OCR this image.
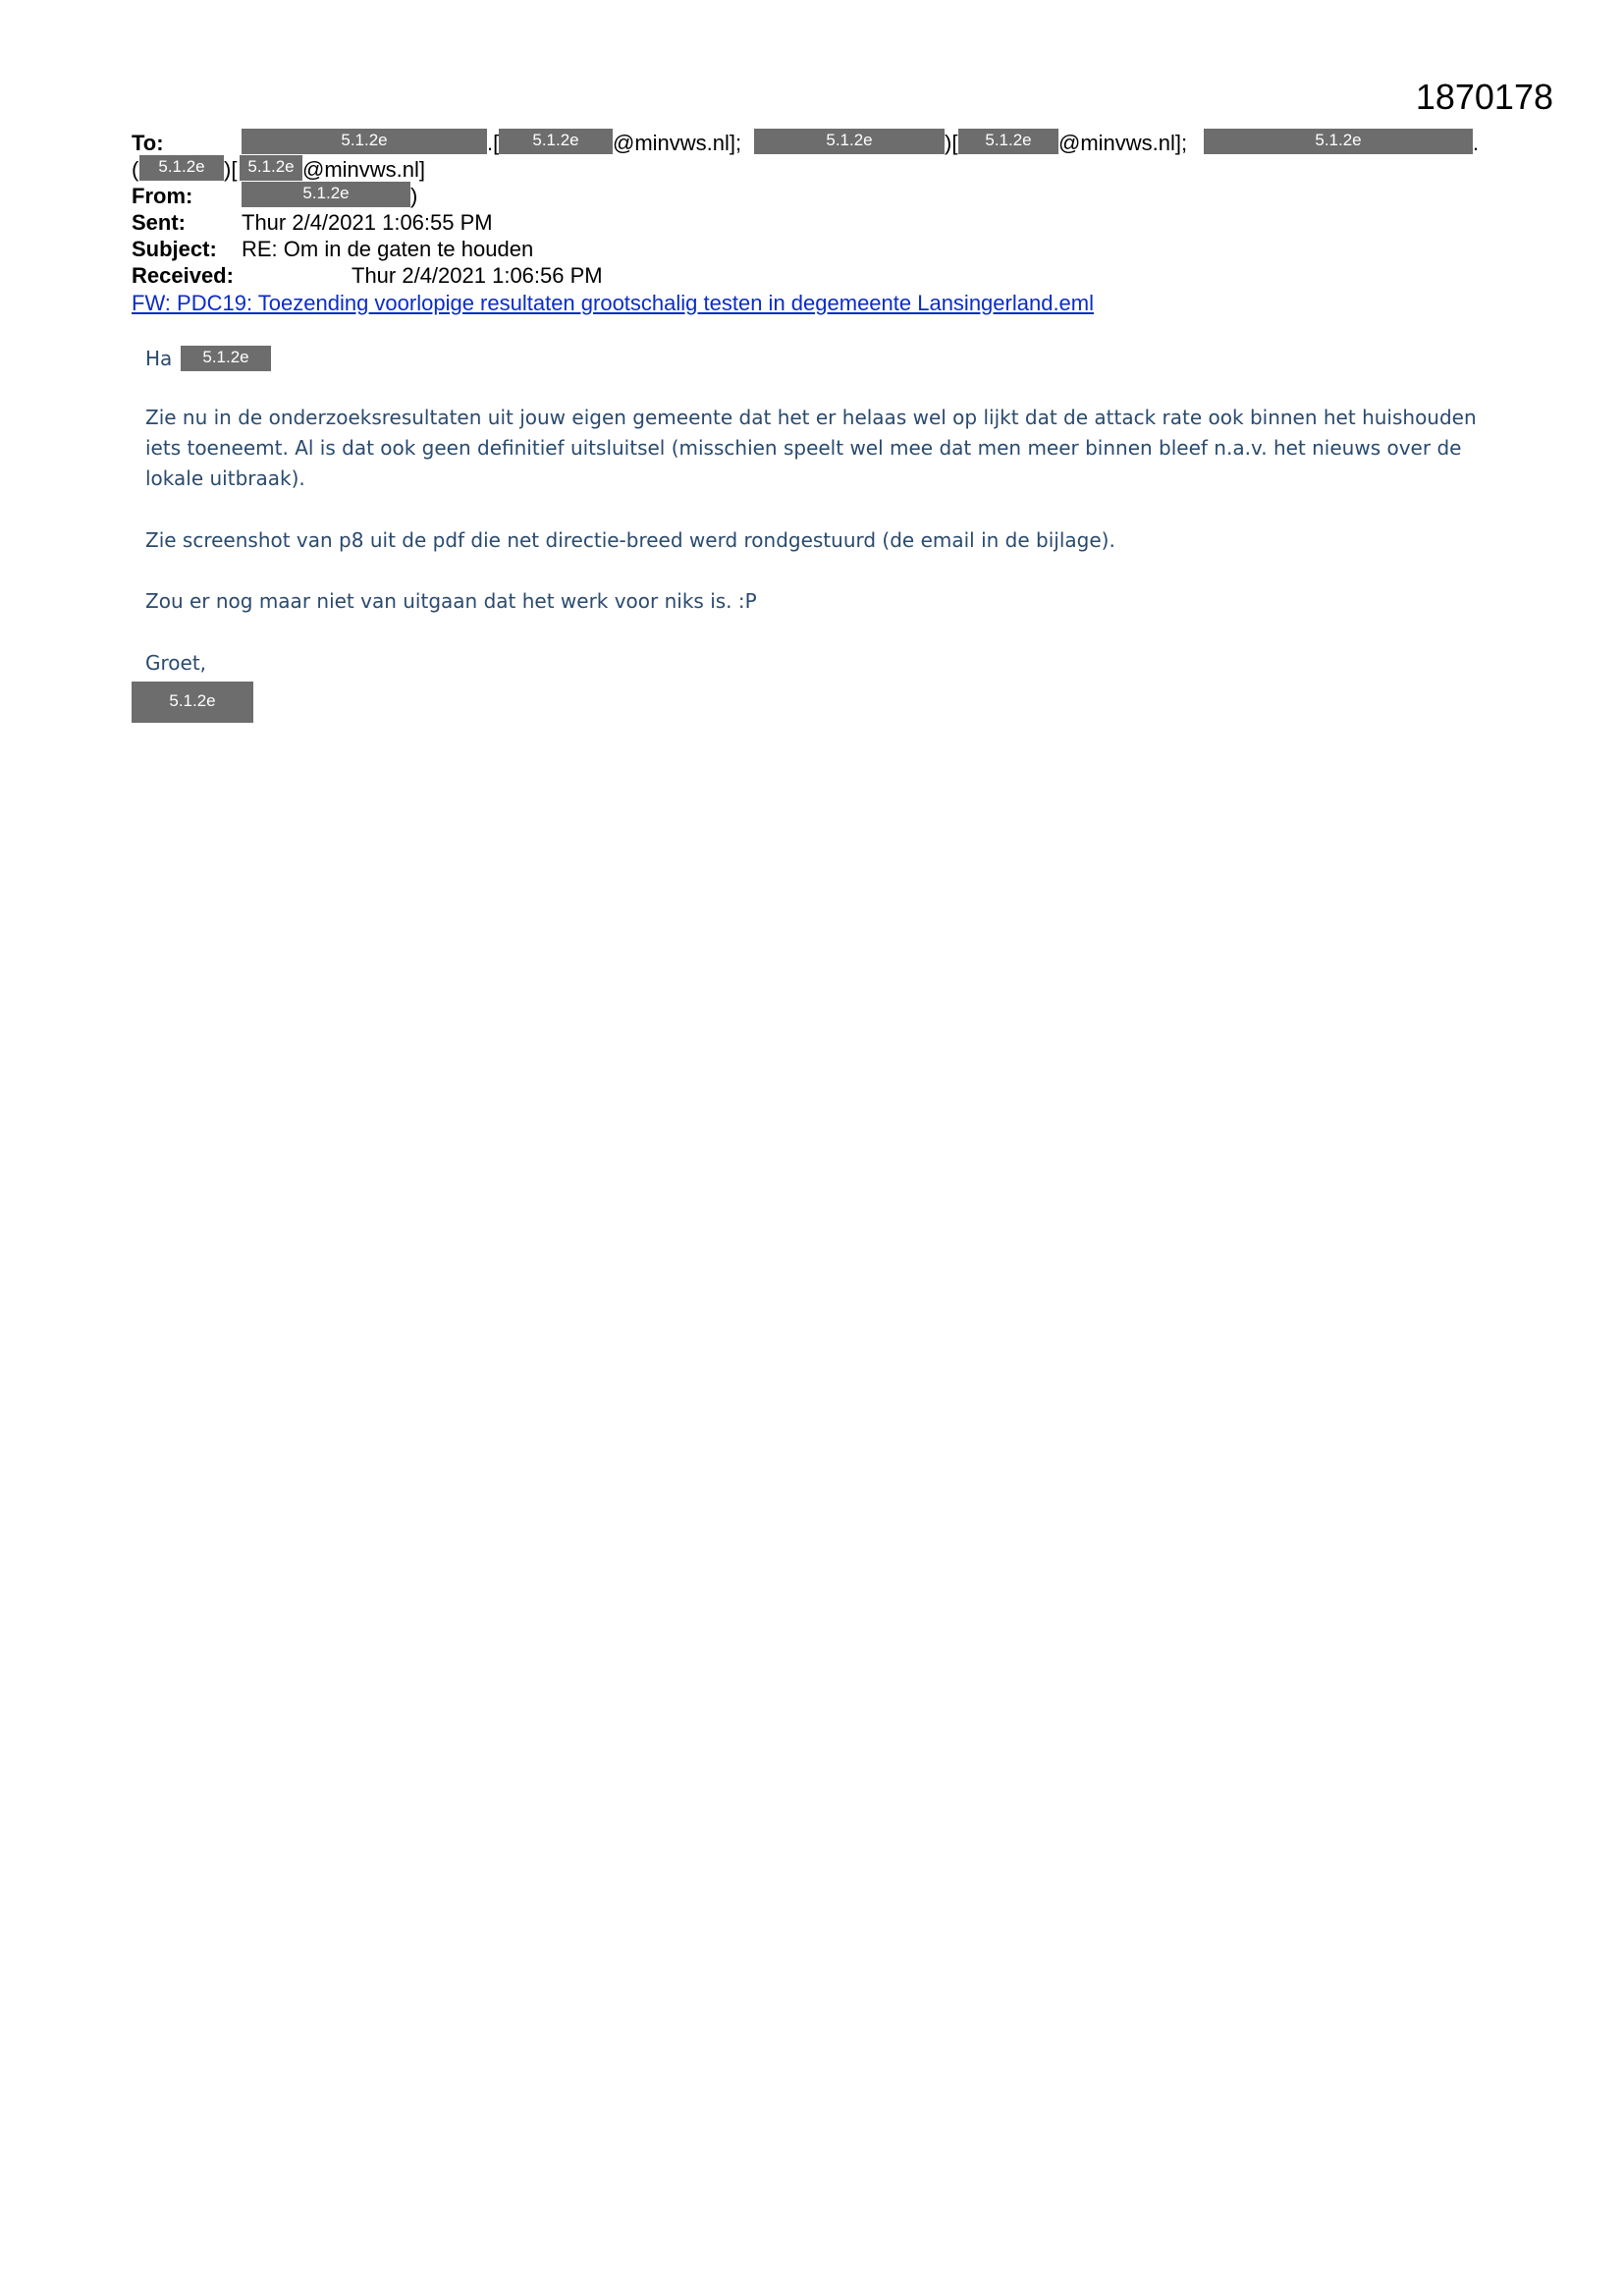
1870178
To:	5.1.2e	.[	5.1.2e	@minvws.nl];	5.1.2e	)[	5.1.2e	@minvws.nl];	5.1.2e	.
(	5.1.2e )[ 5.1.2e @minvws.nl]
From:	5.1.2e	)
Sent:	Thur 2/4/2021 1:06:55 PM
Subject: RE: Om in de gaten te houden
Received:	Thur 2/4/2021 1:06:56 PM
FW: PDC19: Toezending voorlopige resultaten grootschalig testen in degemeente Lansingerland.eml
Ha	5.1.2e
Zie nu in de onderzoeksresultaten uit jouw eigen gemeente dat het er helaas wel op lijkt dat de attack rate ook binnen het huishouden iets toeneemt. Al is dat ook geen definitief uitsluitsel (misschien speelt wel mee dat men meer binnen bleef n.a.v. het nieuws over de lokale uitbraak).
Zie screenshot van p8 uit de pdf die net directie-breed werd rondgestuurd (de email in de bijlage).
Zou er nog maar niet van uitgaan dat het werk voor niks is. :P
Groet,
5.1.2e
